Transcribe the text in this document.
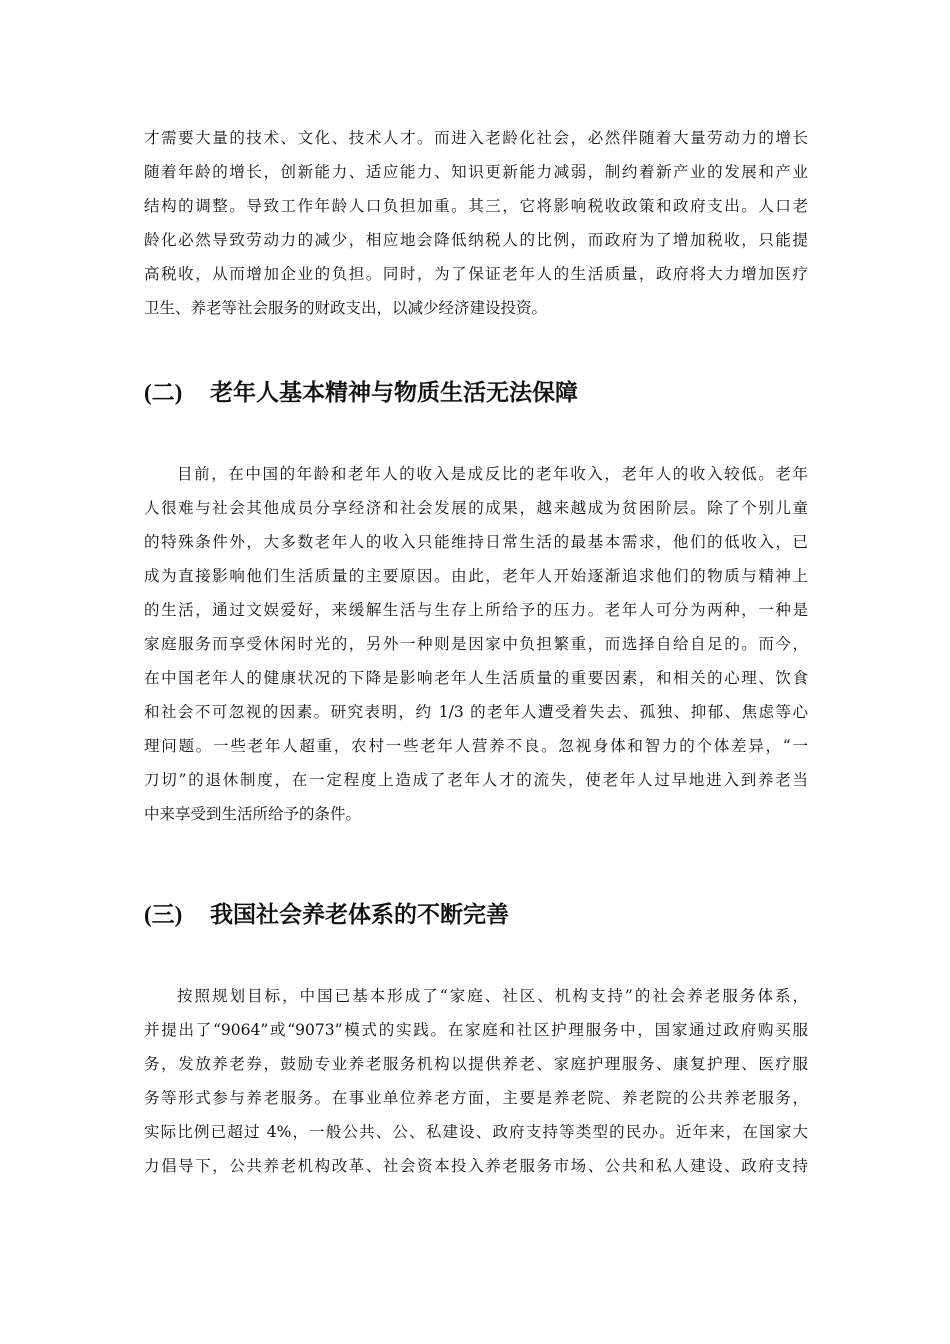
才需要大量的技术、文化、技术人才。而进入老龄化社会，必然伴随着大量劳动力的增长
随着年龄的增长，创新能力、适应能力、知识更新能力减弱，制约着新产业的发展和产业
结构的调整。导致工作年龄人口负担加重。其三，它将影响税收政策和政府支出。人口老
龄化必然导致劳动力的减少，相应地会降低纳税人的比例，而政府为了增加税收，只能提
高税收，从而增加企业的负担。同时，为了保证老年人的生活质量，政府将大力增加医疗
卫生、养老等社会服务的财政支出，以减少经济建设投资。
(二) 老年人基本精神与物质生活无法保障
目前，在中国的年龄和老年人的收入是成反比的老年收入，老年人的收入较低。老年
人很难与社会其他成员分享经济和社会发展的成果，越来越成为贫困阶层。除了个别儿童
的特殊条件外，大多数老年人的收入只能维持日常生活的最基本需求，他们的低收入，已
成为直接影响他们生活质量的主要原因。由此，老年人开始逐渐追求他们的物质与精神上
的生活，通过文娱爱好，来缓解生活与生存上所给予的压力。老年人可分为两种，一种是
家庭服务而享受休闲时光的，另外一种则是因家中负担繁重，而选择自给自足的。而今，
在中国老年人的健康状况的下降是影响老年人生活质量的重要因素，和相关的心理、饮食
和社会不可忽视的因素。研究表明，约 1/3 的老年人遭受着失去、孤独、抑郁、焦虑等心
理问题。一些老年人超重，农村一些老年人营养不良。忽视身体和智力的个体差异，“一
刀切”的退休制度，在一定程度上造成了老年人才的流失，使老年人过早地进入到养老当
中来享受到生活所给予的条件。
(三) 我国社会养老体系的不断完善
按照规划目标，中国已基本形成了“家庭、社区、机构支持”的社会养老服务体系，
并提出了“9064”或“9073”模式的实践。在家庭和社区护理服务中，国家通过政府购买服
务，发放养老券，鼓励专业养老服务机构以提供养老、家庭护理服务、康复护理、医疗服
务等形式参与养老服务。在事业单位养老方面，主要是养老院、养老院的公共养老服务，
实际比例已超过 4%，一般公共、公、私建设、政府支持等类型的民办。近年来，在国家大
力倡导下，公共养老机构改革、社会资本投入养老服务市场、公共和私人建设、政府支持
